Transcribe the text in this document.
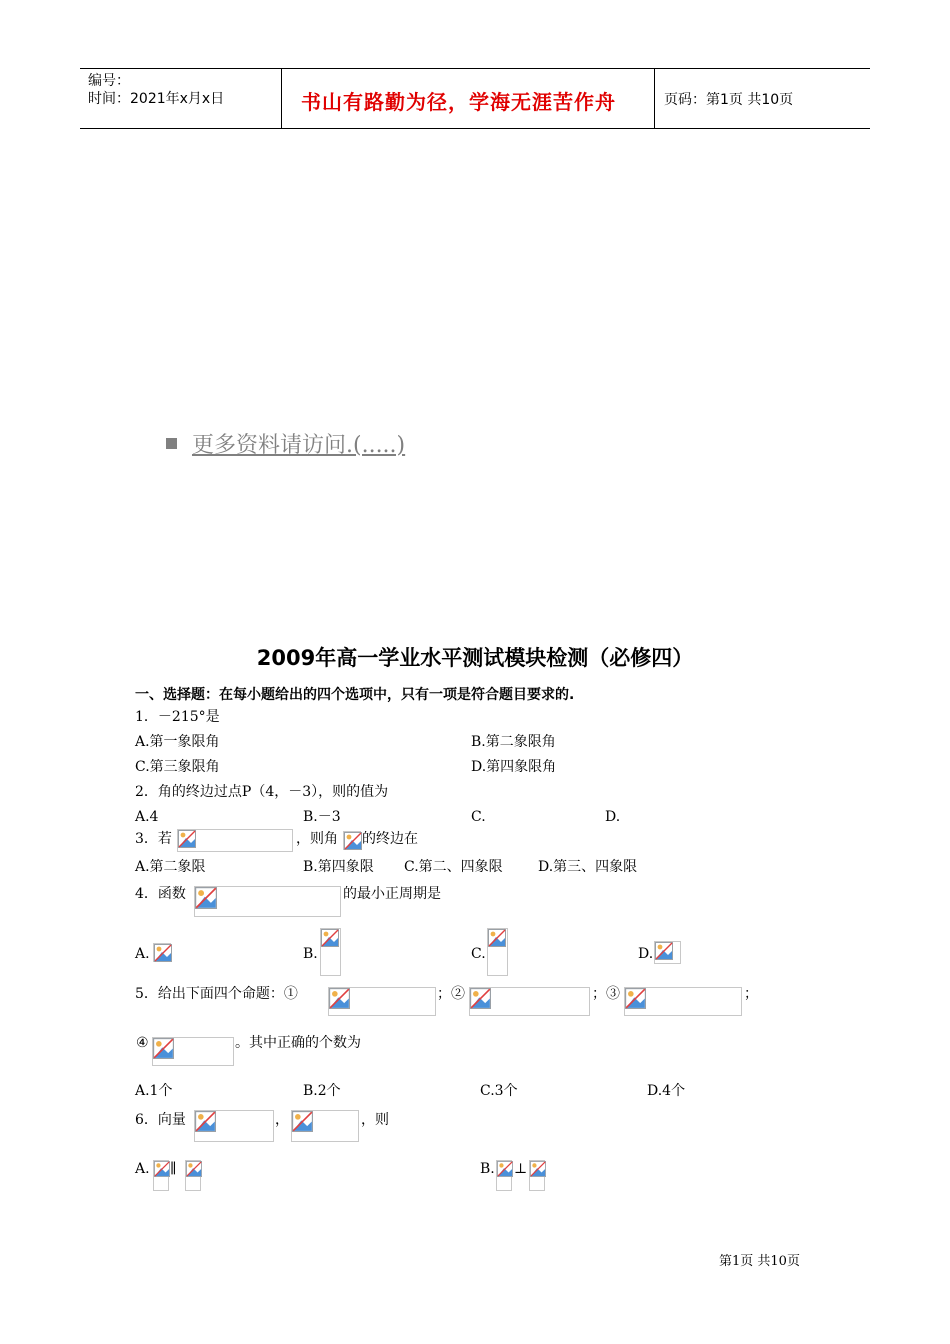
编号：
时间：2021年x月x日	书山有路勤为径，学海无涯苦作舟	页码：第1页 共10页
更多资料请访问.(.....)
2009年高一学业水平测试模块检测（必修四）
一、选择题：在每小题给出的四个选项中，只有一项是符合题目要求的.
1．－215°是
A.第一象限角	B.第二象限角
C.第三象限角	D.第四象限角
2．角的终边过点P（4，－3），则的值为
A.4	B.－3	C.	D.
3．若	，则角 的终边在
A.第二象限	B.第四象限 C.第二、四象限	D.第三、四象限
4．函数	的最小正周期是
A.	B.	C.	D.
5．给出下面四个命题：①	；②	；③	；
④	。其中正确的个数为
A.1个	B.2个	C.3个	D.4个
6．向量	，	，则
A. ∥	B. ⊥
第1页 共10页
